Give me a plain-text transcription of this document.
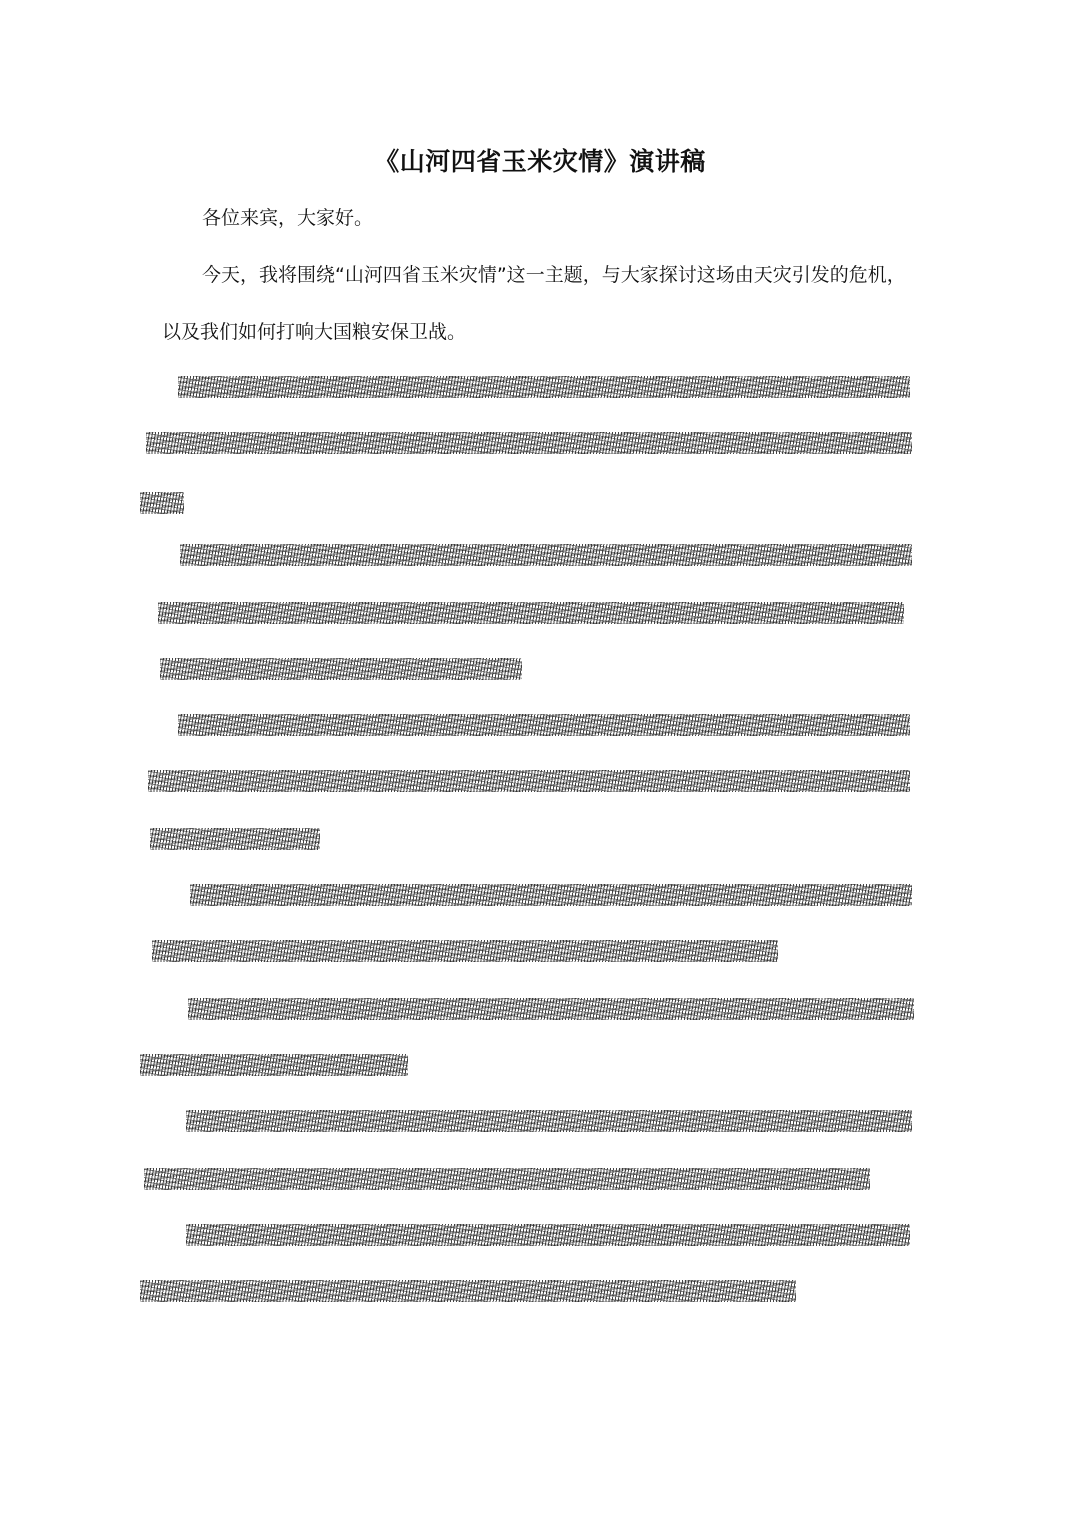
《山河四省玉米灾情》演讲稿

各位来宾，大家好。

今天，我将围绕“山河四省玉米灾情”这一主题，与大家探讨这场由天灾引发的危机，

以及我们如何打响大国粮安保卫战。
